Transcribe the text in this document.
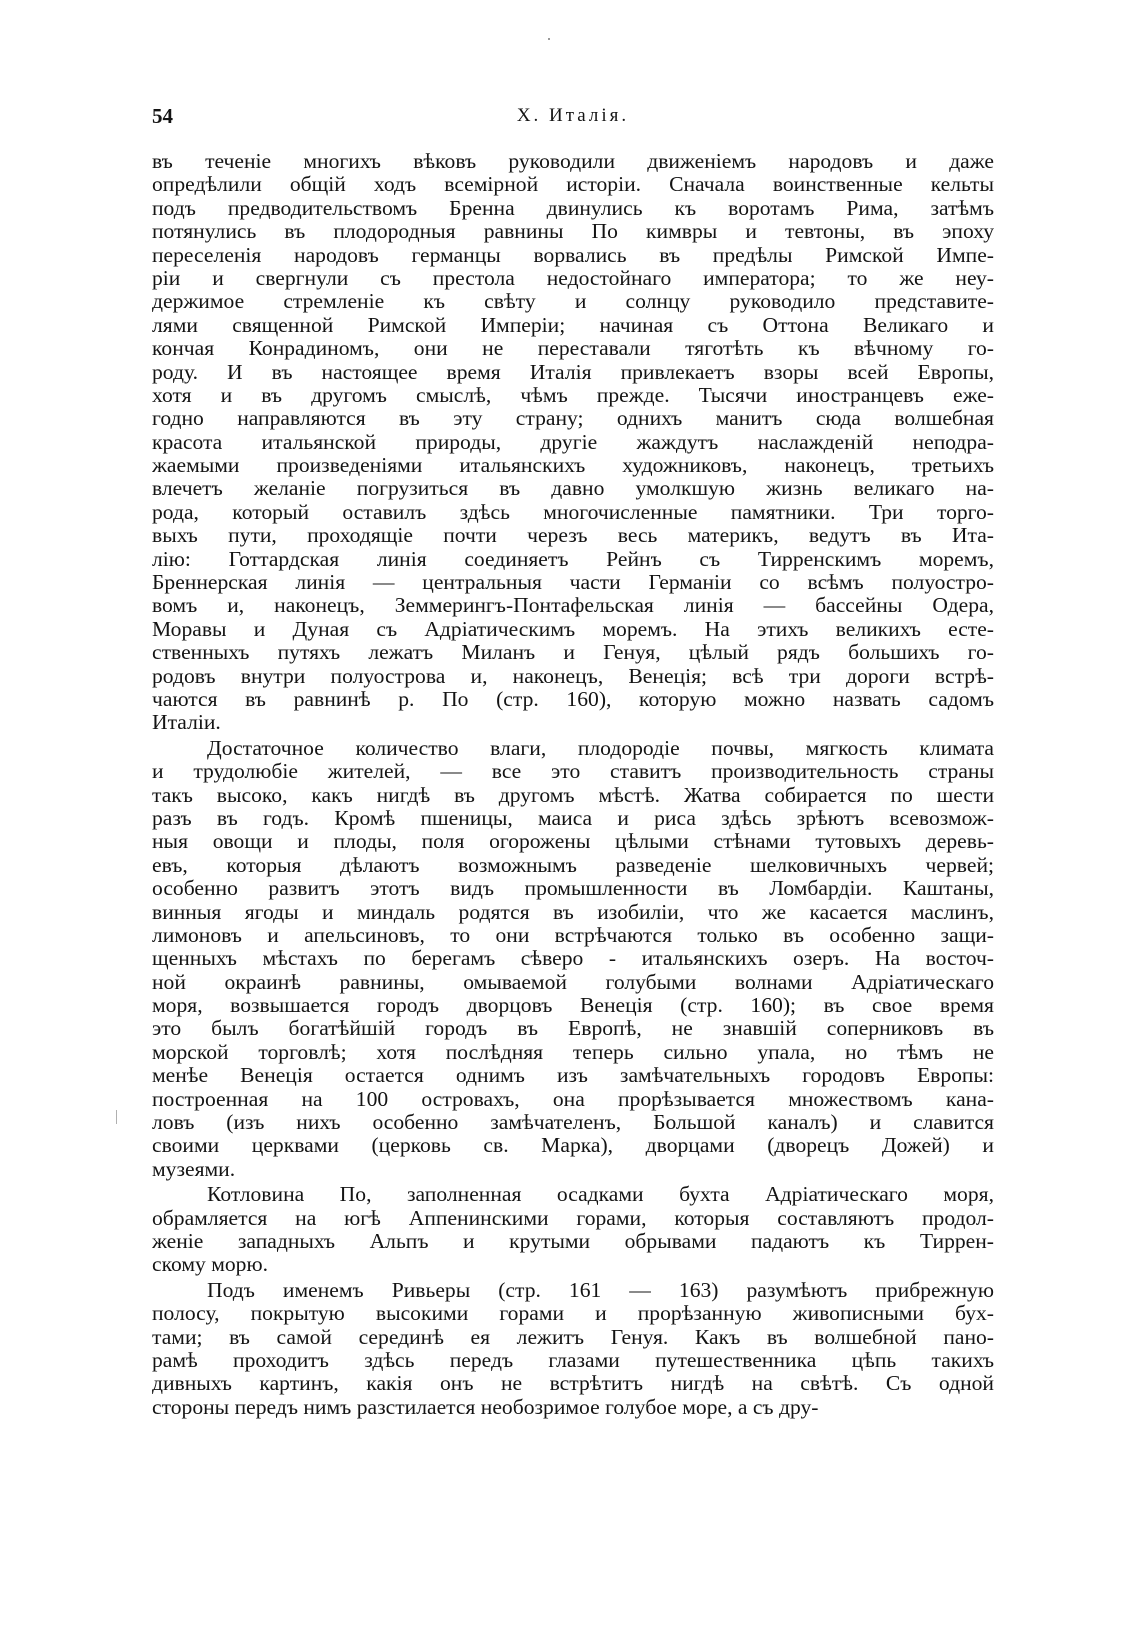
54	X. Италія.
въ теченіе многихъ вѣковъ руководили движеніемъ народовъ и даже
опредѣлили общій ходъ всемірной исторіи. Сначала воинственные кельты
подъ предводительствомъ Бренна двинулись къ воротамъ Рима, затѣмъ
потянулись въ плодородныя равнины По кимвры и тевтоны, въ эпоху
переселенія народовъ германцы ворвались въ предѣлы Римской Импе-
ріи и свергнули съ престола недостойнаго императора; то же неу-
держимое стремленіе къ свѣту и солнцу руководило представите-
лями священной Римской Имперіи; начиная съ Оттона Великаго и
кончая Конрадиномъ, они не переставали тяготѣть къ вѣчному го-
роду. И въ настоящее время Италія привлекаетъ взоры всей Европы,
хотя и въ другомъ смыслѣ, чѣмъ прежде. Тысячи иностранцевъ еже-
годно направляются въ эту страну; однихъ манитъ сюда волшебная
красота итальянской природы, другіе жаждутъ наслажденій неподра-
жаемыми произведеніями итальянскихъ художниковъ, наконецъ, третьихъ
влечетъ желаніе погрузиться въ давно умолкшую жизнь великаго на-
рода, который оставилъ здѣсь многочисленные памятники. Три торго-
выхъ пути, проходящіе почти черезъ весь материкъ, ведутъ въ Ита-
лію: Готтардская линія соединяетъ Рейнъ съ Тирренскимъ моремъ,
Бреннерская линія — центральныя части Германіи со всѣмъ полуостро-
вомъ и, наконецъ, Земмерингъ-Понтафельская линія — бассейны Одера,
Моравы и Дуная съ Адріатическимъ моремъ. На этихъ великихъ есте-
ственныхъ путяхъ лежатъ Миланъ и Генуя, цѣлый рядъ большихъ го-
родовъ внутри полуострова и, наконецъ, Венеція; всѣ три дороги встрѣ-
чаются въ равнинѣ р. По (стр. 160), которую можно назвать садомъ
Италіи.
Достаточное количество влаги, плодородіе почвы, мягкость климата
и трудолюбіе жителей, — все это ставитъ производительность страны
такъ высоко, какъ нигдѣ въ другомъ мѣстѣ. Жатва собирается по шести
разъ въ годъ. Кромѣ пшеницы, маиса и риса здѣсь зрѣютъ всевозмож-
ныя овощи и плоды, поля огорожены цѣлыми стѣнами тутовыхъ деревь-
евъ, которыя дѣлаютъ возможнымъ разведеніе шелковичныхъ червей;
особенно развитъ этотъ видъ промышленности въ Ломбардіи. Каштаны,
винныя ягоды и миндаль родятся въ изобиліи, что же касается маслинъ,
лимоновъ и апельсиновъ, то они встрѣчаются только въ особенно защи-
щенныхъ мѣстахъ по берегамъ сѣверо - итальянскихъ озеръ. На восточ-
ной окраинѣ равнины, омываемой голубыми волнами Адріатическаго
моря, возвышается городъ дворцовъ Венеція (стр. 160); въ свое время
это былъ богатѣйшій городъ въ Европѣ, не знавшій соперниковъ въ
морской торговлѣ; хотя послѣдняя теперь сильно упала, но тѣмъ не
менѣе Венеція остается однимъ изъ замѣчательныхъ городовъ Европы:
построенная на 100 островахъ, она прорѣзывается множествомъ кана-
ловъ (изъ нихъ особенно замѣчателенъ, Большой каналъ) и славится
своими церквами (церковь св. Марка), дворцами (дворецъ Дожей) и
музеями.
Котловина По, заполненная осадками бухта Адріатическаго моря,
обрамляется на югѣ Аппенинскими горами, которыя составляютъ продол-
женіе западныхъ Альпъ и крутыми обрывами падаютъ къ Тиррен-
скому морю.
Подъ именемъ Ривьеры (стр. 161 — 163) разумѣютъ прибрежную
полосу, покрытую высокими горами и прорѣзанную живописными бух-
тами; въ самой серединѣ ея лежитъ Генуя. Какъ въ волшебной пано-
рамѣ проходитъ здѣсь передъ глазами путешественника цѣпь такихъ
дивныхъ картинъ, какія онъ не встрѣтитъ нигдѣ на свѣтѣ. Съ одной
стороны передъ нимъ разстилается необозримое голубое море, а съ дру-
